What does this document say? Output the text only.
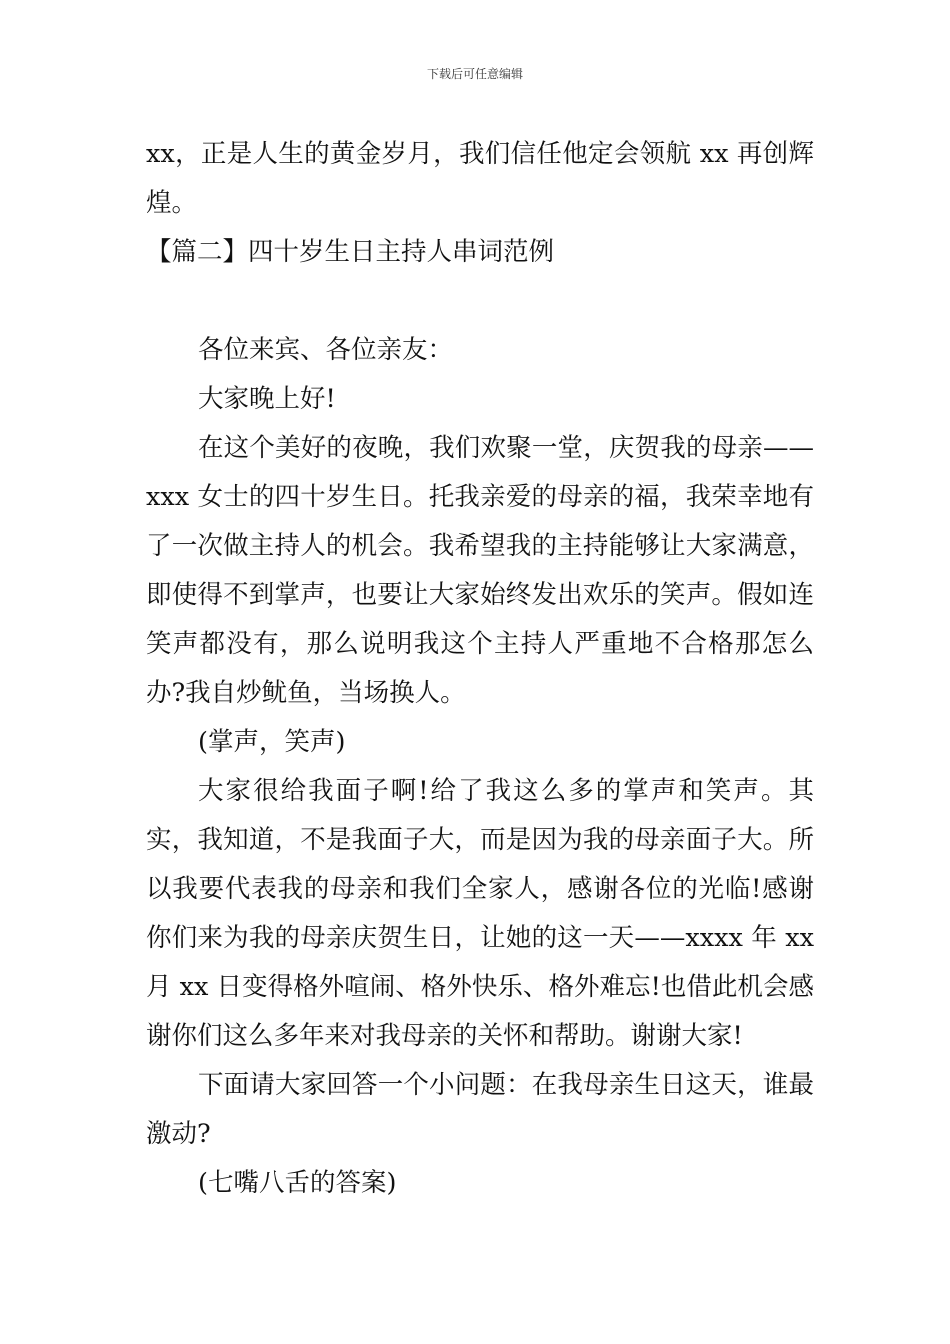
下载后可任意编辑

xx，正是人生的黄金岁月，我们信任他定会领航 xx 再创辉煌。

【篇二】四十岁生日主持人串词范例

各位来宾、各位亲友：

大家晚上好!

在这个美好的夜晚，我们欢聚一堂，庆贺我的母亲——xxx 女士的四十岁生日。托我亲爱的母亲的福，我荣幸地有了一次做主持人的机会。我希望我的主持能够让大家满意，即使得不到掌声，也要让大家始终发出欢乐的笑声。假如连笑声都没有，那么说明我这个主持人严重地不合格那怎么办?我自炒鱿鱼，当场换人。

(掌声，笑声)

大家很给我面子啊!给了我这么多的掌声和笑声。其实，我知道，不是我面子大，而是因为我的母亲面子大。所以我要代表我的母亲和我们全家人，感谢各位的光临!感谢你们来为我的母亲庆贺生日，让她的这一天——xxxx 年 xx 月 xx 日变得格外喧闹、格外快乐、格外难忘!也借此机会感谢你们这么多年来对我母亲的关怀和帮助。谢谢大家!

下面请大家回答一个小问题：在我母亲生日这天，谁最激动?

(七嘴八舌的答案)
